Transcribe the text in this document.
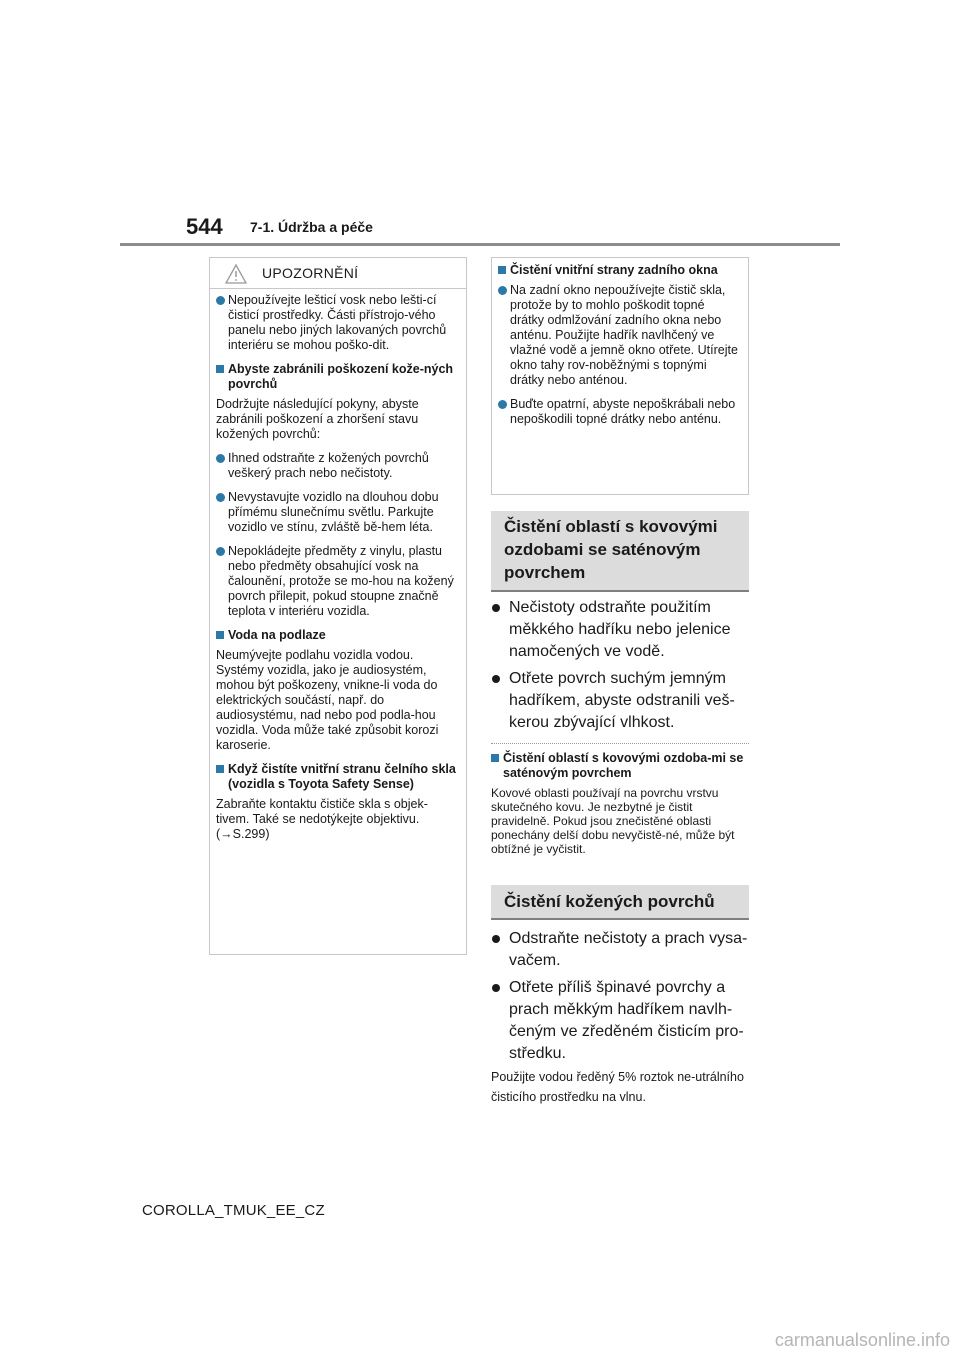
544 7-1. Údržba a péče
UPOZORNĚNÍ
Nepoužívejte lešticí vosk nebo lešti-cí čisticí prostředky. Části přístrojo-vého panelu nebo jiných lakovaných povrchů interiéru se mohou poško-dit.
Abyste zabránili poškození kože-ných povrchů
Dodržujte následující pokyny, abyste zabránili poškození a zhoršení stavu kožených povrchů:
Ihned odstraňte z kožených povrchů veškerý prach nebo nečistoty.
Nevystavujte vozidlo na dlouhou dobu přímému slunečnímu světlu. Parkujte vozidlo ve stínu, zvláště bě-hem léta.
Nepokládejte předměty z vinylu, plastu nebo předměty obsahující vosk na čalounění, protože se mo-hou na kožený povrch přilepit, pokud stoupne značně teplota v interiéru vozidla.
Voda na podlaze
Neumývejte podlahu vozidla vodou. Systémy vozidla, jako je audiosystém, mohou být poškozeny, vnikne-li voda do elektrických součástí, např. do audiosystému, nad nebo pod podla-hou vozidla. Voda může také způsobit korozi karoserie.
Když čistíte vnitřní stranu čelního skla (vozidla s Toyota Safety Sense)
Zabraňte kontaktu čističe skla s objek-tivem. Také se nedotýkejte objektivu. (→S.299)
Čistění vnitřní strany zadního okna
Na zadní okno nepoužívejte čistič skla, protože by to mohlo poškodit topné drátky odmlžování zadního okna nebo anténu. Použijte hadřík navlhčený ve vlažné vodě a jemně okno otřete. Utírejte okno tahy rov-noběžnými s topnými drátky nebo anténou.
Buďte opatrní, abyste nepoškrábali nebo nepoškodili topné drátky nebo anténu.
Čistění oblastí s kovovými ozdobami se saténovým povrchem
Nečistoty odstraňte použitím měkkého hadříku nebo jelenice namočených ve vodě.
Otřete povrch suchým jemným hadříkem, abyste odstranili veš-kerou zbývající vlhkost.
Čistění oblastí s kovovými ozdoba-mi se saténovým povrchem
Kovové oblasti používají na povrchu vrstvu skutečného kovu. Je nezbytné je čistit pravidelně. Pokud jsou znečistěné oblasti ponechány delší dobu nevyčistě-né, může být obtížné je vyčistit.
Čistění kožených povrchů
Odstraňte nečistoty a prach vysa-vačem.
Otřete příliš špinavé povrchy a prach měkkým hadříkem navlh-čeným ve zředěném čisticím pro-středku.
Použijte vodou ředěný 5% roztok ne-utrálního čisticího prostředku na vlnu.
COROLLA_TMUK_EE_CZ
carmanualsonline.info
